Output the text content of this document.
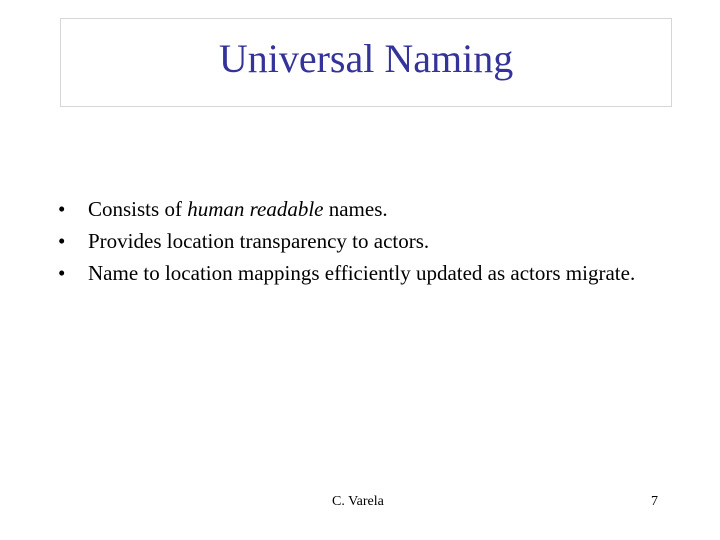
Universal Naming
•	Consists of human readable names.
•	Provides location transparency to actors.
•	Name to location mappings efficiently updated as actors migrate.
C. Varela	7
